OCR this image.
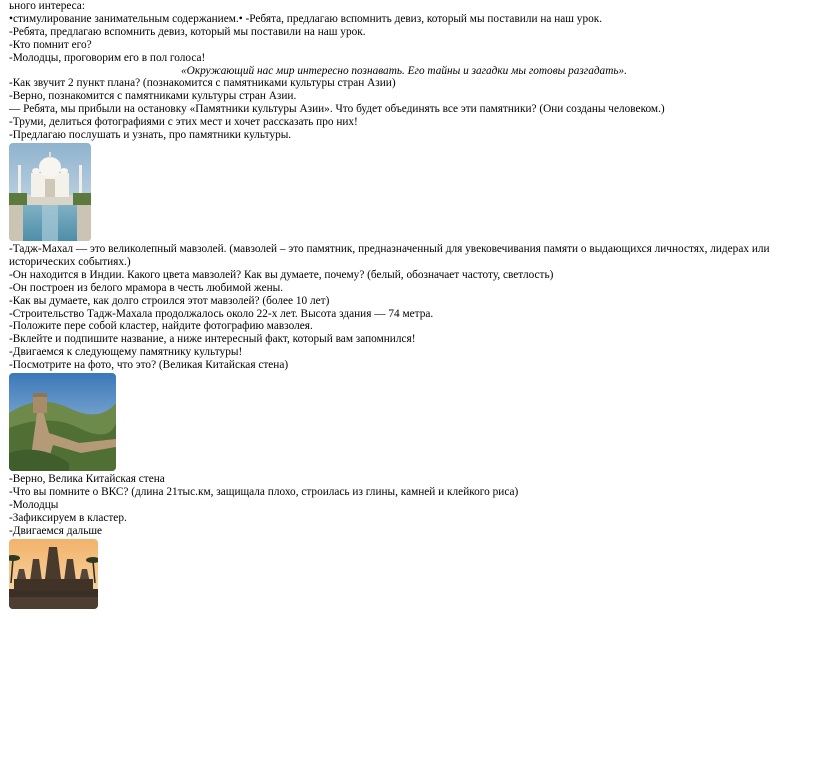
ьного интереса:
•стимулирование занимательным содержанием.• -Ребята, предлагаю вспомнить девиз, который мы поставили на наш урок.
-Ребята, предлагаю вспомнить девиз, который мы поставили на наш урок.
-Кто помнит его?
-Молодцы, проговорим его в пол голоса!
«Окружающий нас мир интересно познавать. Его тайны и загадки мы готовы разгадать».
-Как звучит 2 пункт плана? (познакомится с памятниками культуры стран Азии)
-Верно, познакомится с памятниками культуры стран Азии.
— Ребята, мы прибыли на остановку «Памятники культуры Азии». Что будет объединять все эти памятники? (Они созданы человеком.)
-Труми, делиться фотографиями с этих мест и хочет рассказать про них!
-Предлагаю послушать и узнать, про памятники культуры.
-Тадж-Махал — это великолепный мавзолей. (мавзолей – это памятник, предназначенный для увековечивания памяти о выдающихся личностях, лидерах или исторических событиях.)
-Он находится в Индии. Какого цвета мавзолей? Как вы думаете, почему? (белый, обозначает частоту, светлость)
-Он построен из белого мрамора в честь любимой жены.
-Как вы думаете, как долго строился этот мавзолей? (более 10 лет)
-Строительство Тадж-Махала продолжалось около 22-х лет. Высота здания — 74 метра.
-Положите пере собой кластер, найдите фотографию мавзолея.
-Вклейте и подпишите название, а ниже интересный факт, который вам запомнился!
-Двигаемся к следующему памятнику культуры!
-Посмотрите на фото, что это? (Великая Китайская стена)
-Верно, Велика Китайская стена
-Что вы помните о ВКС? (длина 21тыс.км, защищала плохо, строилась из глины, камней и клейкого риса)
-Молодцы
-Зафиксируем в кластер.
-Двигаемся дальше
